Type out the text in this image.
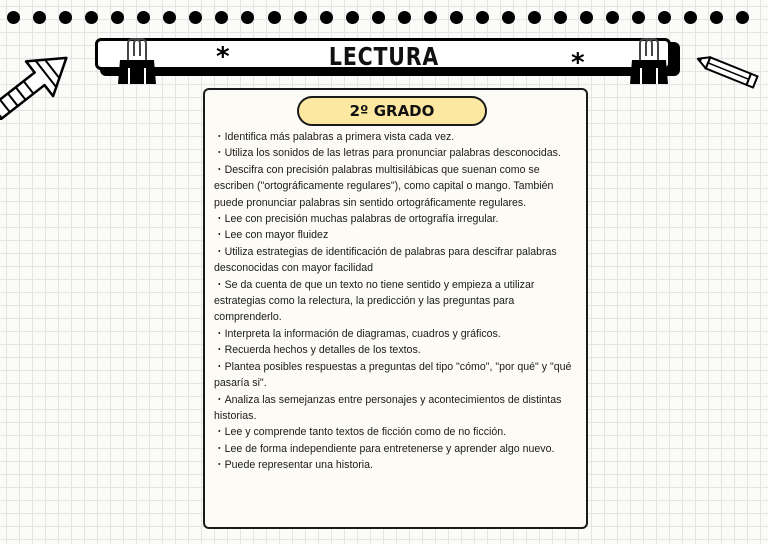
LECTURA
*	*
2º GRADO
・Identifica más palabras a primera vista cada vez.
・Utiliza los sonidos de las letras para pronunciar palabras desconocidas.
・Descifra con precisión palabras multisilábicas que suenan como se escriben ("ortográficamente regulares"), como capital o mango. También puede pronunciar palabras sin sentido ortográficamente regulares.
・Lee con precisión muchas palabras de ortografía irregular.
・Lee con mayor fluidez
・Utiliza estrategias de identificación de palabras para descifrar palabras desconocidas con mayor facilidad
・Se da cuenta de que un texto no tiene sentido y empieza a utilizar estrategias como la relectura, la predicción y las preguntas para comprenderlo.
・Interpreta la información de diagramas, cuadros y gráficos.
・Recuerda hechos y detalles de los textos.
・Plantea posibles respuestas a preguntas del tipo "cómo", "por qué" y "qué pasaría si".
・Analiza las semejanzas entre personajes y acontecimientos de distintas historias.
・Lee y comprende tanto textos de ficción como de no ficción.
・Lee de forma independiente para entretenerse y aprender algo nuevo.
・Puede representar una historia.
